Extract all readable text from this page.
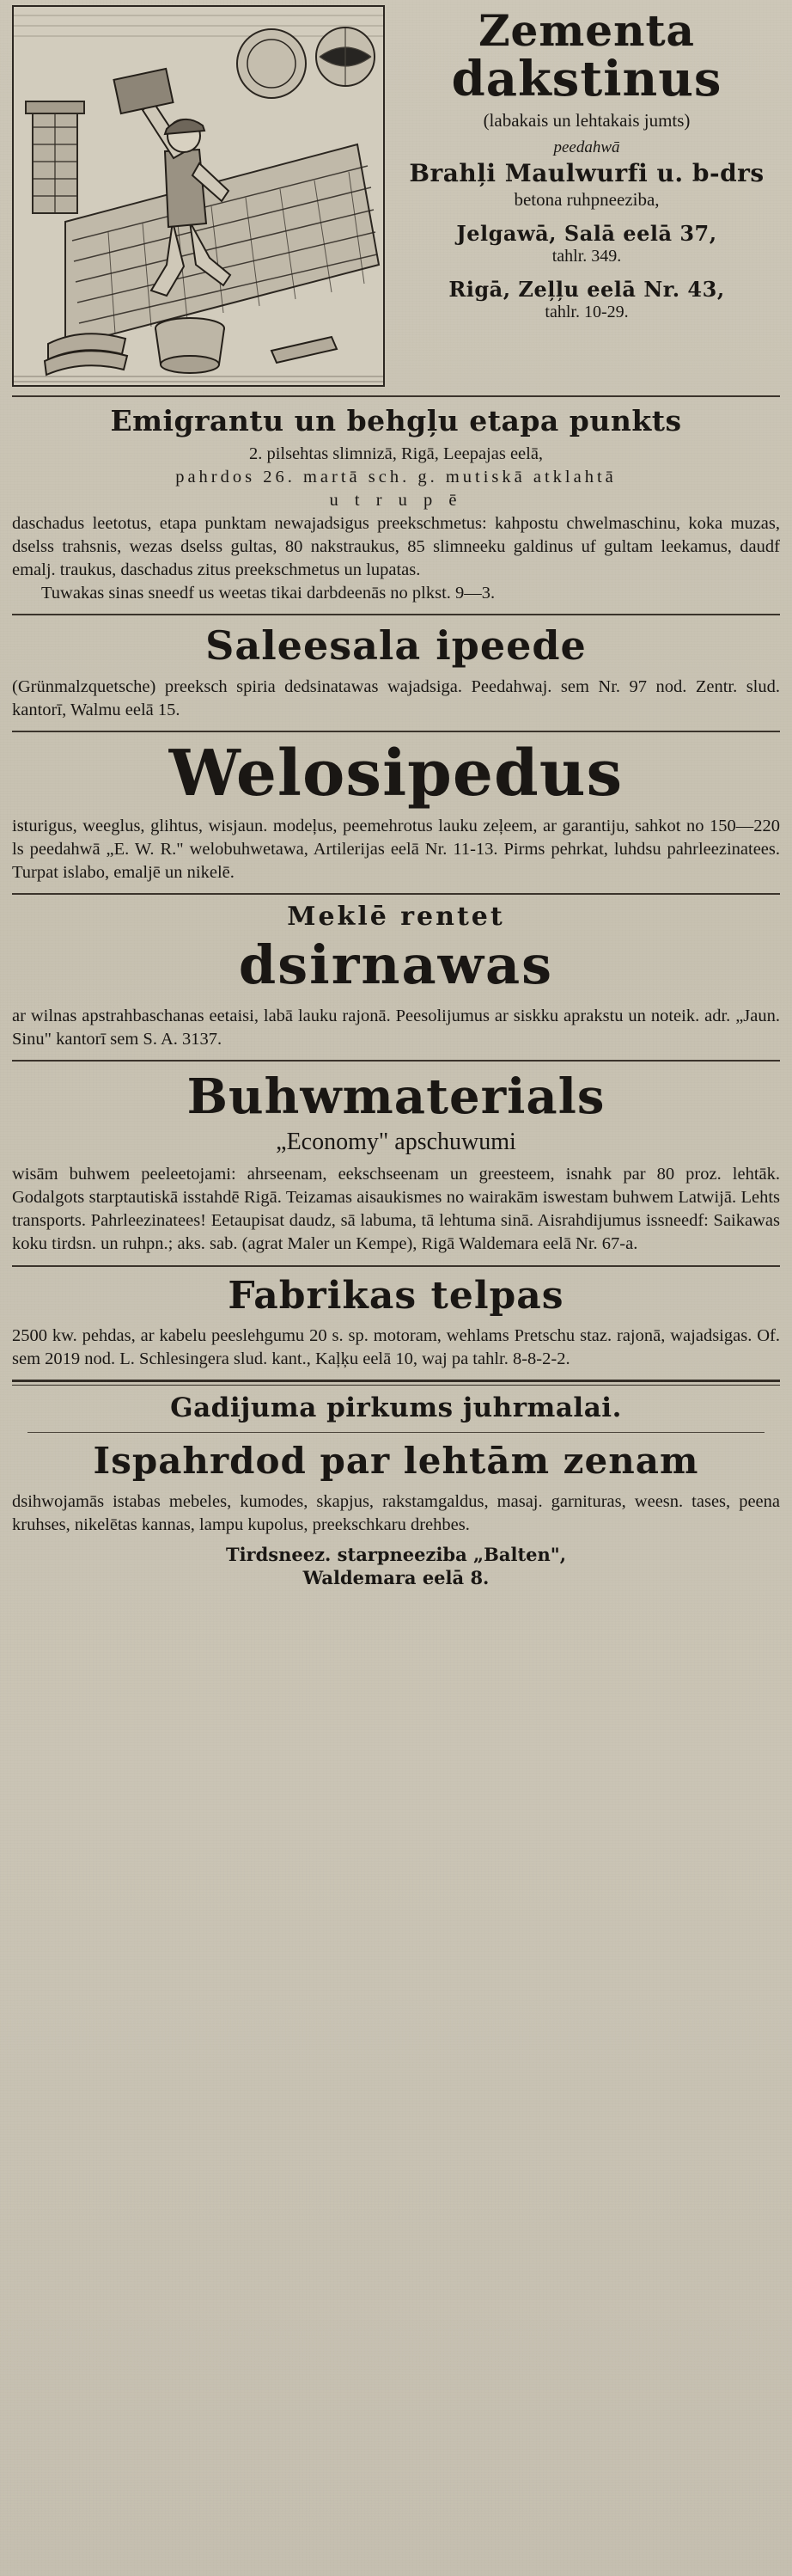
Zementa
dakstinus
(labakais un lehtakais jumts)
peedahwā
Brahļi Maulwurfi u. b-drs
betona ruhpneeziba,
Jelgawā, Salā eelā 37,
tahlr. 349.
Rigā, Zeļļu eelā Nr. 43,
tahlr. 10-29.
Emigrantu un behgļu etapa punkts
2. pilsehtas slimnizā, Rigā, Leepajas eelā,
pahrdos 26. martā sch. g. mutiskā atklahtā
u t r u p ē
daschadus leetotus, etapa punktam newajadsigus preekschmetus: kahpostu chwelmaschinu, koka muzas, dselss trahsnis, wezas dselss gultas, 80 nakstraukus, 85 slimneeku galdinus uf gultam leekamus, daudf emalj. traukus, daschadus zitus preekschmetus un lupatas.
Tuwakas sinas sneedf us weetas tikai darbdeenās no plkst. 9—3.
Saleesala ipeede
(Grünmalzquetsche) preeksch spiria dedsinatawas wajadsiga. Peedahwaj. sem Nr. 97 nod. Zentr. slud. kantorī, Walmu eelā 15.
Welosipedus
isturigus, weeglus, glihtus, wisjaun. modeļus, peemehrotus lauku zeļeem, ar garantiju, sahkot no 150—220 ls peedahwā „E. W. R." welobuhwetawa, Artilerijas eelā Nr. 11-13. Pirms pehrkat, luhdsu pahrleezinatees. Turpat islabo, emaljē un nikelē.
Meklē rentet
dsirnawas
ar wilnas apstrahbaschanas eetaisi, labā lauku rajonā. Peesolijumus ar siskku aprakstu un noteik. adr. „Jaun. Sinu" kantorī sem S. A. 3137.
Buhwmaterials
„Economy" apschuwumi
wisām buhwem peeleetojami: ahrseenam, eekschseenam un greesteem, isnahk par 80 proz. lehtāk. Godalgots starptautiskā isstahdē Rigā. Teizamas aisaukismes no wairakām iswestam buhwem Latwijā. Lehts transports. Pahrleezinatees! Eetaupisat daudz, sā labuma, tā lehtuma sinā. Aisrahdijumus issneedf: Saikawas koku tirdsn. un ruhpn.; aks. sab. (agrat Maler un Kempe), Rigā Waldemara eelā Nr. 67-a.
Fabrikas telpas
2500 kw. pehdas, ar kabelu peeslehgumu 20 s. sp. motoram, wehlams Pretschu staz. rajonā, wajadsigas. Of. sem 2019 nod. L. Schlesingera slud. kant., Kaļķu eelā 10, waj pa tahlr. 8-8-2-2.
Gadijuma pirkums juhrmalai.
Ispahrdod par lehtām zenam
dsihwojamās istabas mebeles, kumodes, skapjus, rakstamgaldus, masaj. garnituras, weesn. tases, peena kruhses, nikelētas kannas, lampu kupolus, preekschkaru drehbes.
Tirdsneez. starpneeziba „Balten",
Waldemara eelā 8.
